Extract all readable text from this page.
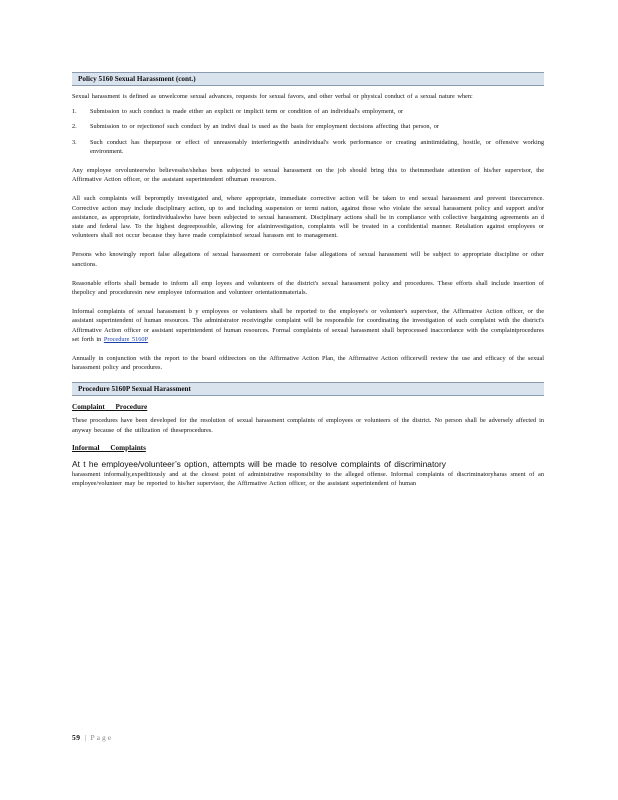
Policy 5160 Sexual Harassment (cont.)

Sexual harassment is defined as unwelcome sexual advances, requests for sexual favors, and other verbal or physical conduct of a sexual nature when:

1.	Submission to such conduct is made either an explicit or implicit term or condition of an individual's employment, or

2.	Submission to or rejectionof such conduct by an indivi dual is used as the basis for employment decisions affecting that person, or

3.	Such conduct has thepurpose or effect of unreasonably interferingwith anindividual's work performance or creating anintimidating, hostile, or offensive working environment.

Any employee orvolunteerwho believesshe/shehas been subjected to sexual harassment on the job should bring this to theimmediate attention of his/her supervisor, the Affirmative Action officer, or the assistant superintendent ofhuman resources.

All such complaints will bepromptly investigated and, where appropriate, immediate corrective action will be taken to end sexual harassment and prevent itsrecurrence. Corrective action may include disciplinary action, up to and including suspension or termi nation, against those who violate the sexual harassment policy and support and/or assistance, as appropriate, fortindividualswho have been subjected to sexual harassment. Disciplinary actions shall be in compliance with collective bargaining agreements an d state and federal law. To the highest degreepossible, allowing for afaininvestigation, complaints will be treated in a confidential manner. Retaliation against employees or volunteers shall not occur because they have made complaintsof sexual harassm ent to management.

Persons who knowingly report false allegations of sexual harassment or corroborate false allegations of sexual harassment will be subject to appropriate discipline or other sanctions.

Reasonable efforts shall bemade to inform all emp loyees and volunteers of the district's sexual harassment policy and procedures. These efforts shall include insertion of thepolicy and proceduresin new employee information and volunteer orientationmaterials.

Informal complaints of sexual harassment b y employees or volunteers shall be reported to the employee's or volunteer's supervisor, the Affirmative Action officer, or the assistant superintendent of human resources. The administrator receivingthe complaint will be responsible for coordinating the investigation of such complaint with the district's Affirmative Action officer or assistant superintendent of human resources. Formal complaints of sexual harassment shall beprocessed inaccordance with the complaintprocedures set forth in Procedure 5160P

Annually in conjunction with the report to the board ofdirectors on the Affirmative Action Plan, the Affirmative Action officerwill review the use and efficacy of the sexual harassment policy and procedures.

Procedure 5160P Sexual Harassment
Complaint      Procedure

These procedures have been developed for the resolution of sexual harassment complaints of employees or volunteers of the district. No person shall be adversely affected in anyway because of the utilization of theseprocedures.

Informal      Complaints

At t he employee/volunteer’s option, attempts will be made to resolve complaints of discriminatory
harassment informally,expeditiously and at the closest point of administrative responsibility to the alleged offense. Informal complaints of discriminatoryharas sment of an employee/volunteer may be reported to his/her supervisor, the Affirmative Action officer, or the assistant superintendent of human

59 | Page
